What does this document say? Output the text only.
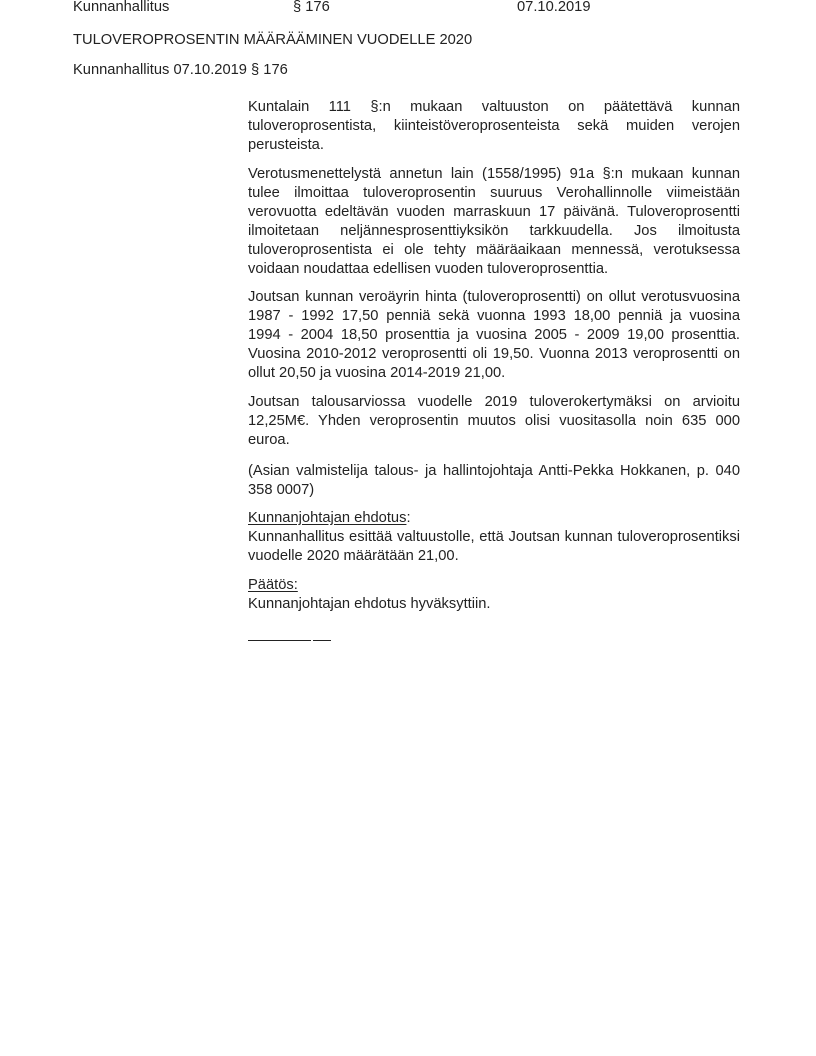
Kunnanhallitus	§ 176	07.10.2019
TULOVEROPROSENTIN MÄÄRÄÄMINEN VUODELLE 2020
Kunnanhallitus 07.10.2019 § 176
Kuntalain 111 §:n mukaan valtuuston on päätettävä kunnan
tuloveroprosentista, kiinteistöveroprosenteista sekä muiden verojen
perusteista.
Verotusmenettelystä annetun lain (1558/1995) 91a §:n mukaan kunnan
tulee ilmoittaa tuloveroprosentin suuruus Verohallinnolle viimeistään
verovuotta edeltävän vuoden marraskuun 17 päivänä. Tuloveroprosentti
ilmoitetaan neljännesprosenttiyksikön tarkkuudella. Jos ilmoitusta
tuloveroprosentista ei ole tehty määräaikaan mennessä, verotuksessa
voidaan noudattaa edellisen vuoden tuloveroprosenttia.
Joutsan kunnan veroäyrin hinta (tuloveroprosentti) on ollut verotusvuosina
1987 - 1992 17,50 penniä sekä vuonna 1993 18,00 penniä ja vuosina
1994 - 2004 18,50 prosenttia ja vuosina 2005 - 2009 19,00 prosenttia.
Vuosina 2010-2012 veroprosentti oli 19,50. Vuonna 2013 veroprosentti on
ollut 20,50 ja vuosina 2014-2019 21,00.
Joutsan talousarviossa vuodelle 2019 tuloverokertymäksi on arvioitu
12,25M€. Yhden veroprosentin muutos olisi vuositasolla noin 635 000
euroa.
(Asian valmistelija talous- ja hallintojohtaja Antti-Pekka Hokkanen, p. 040
358 0007)
Kunnanjohtajan ehdotus:
Kunnanhallitus esittää valtuustolle, että Joutsan kunnan tuloveroprosentiksi
vuodelle 2020 määrätään 21,00.
Päätös:
Kunnanjohtajan ehdotus hyväksyttiin.
